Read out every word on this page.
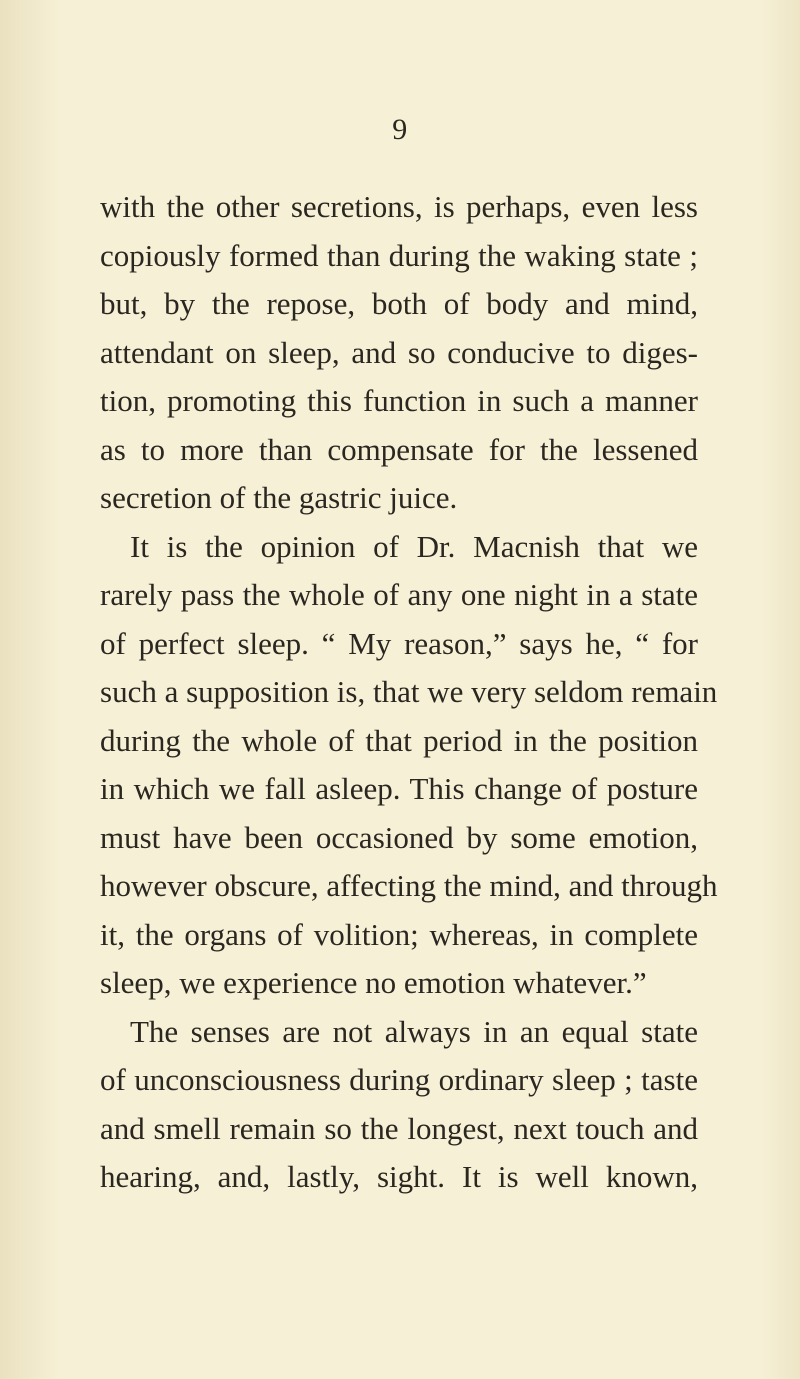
9
with the other secretions, is perhaps, even less
copiously formed than during the waking state ;
but, by the repose, both of body and mind,
attendant on sleep, and so conducive to diges-
tion, promoting this function in such a manner
as to more than compensate for the lessened
secretion of the gastric juice.
It is the opinion of Dr. Macnish that we
rarely pass the whole of any one night in a state
of perfect sleep. “ My reason,” says he, “ for
such a supposition is, that we very seldom remain
during the whole of that period in the position
in which we fall asleep. This change of posture
must have been occasioned by some emotion,
however obscure, affecting the mind, and through
it, the organs of volition; whereas, in complete
sleep, we experience no emotion whatever.”
The senses are not always in an equal state
of unconsciousness during ordinary sleep ; taste
and smell remain so the longest, next touch and
hearing, and, lastly, sight. It is well known,
